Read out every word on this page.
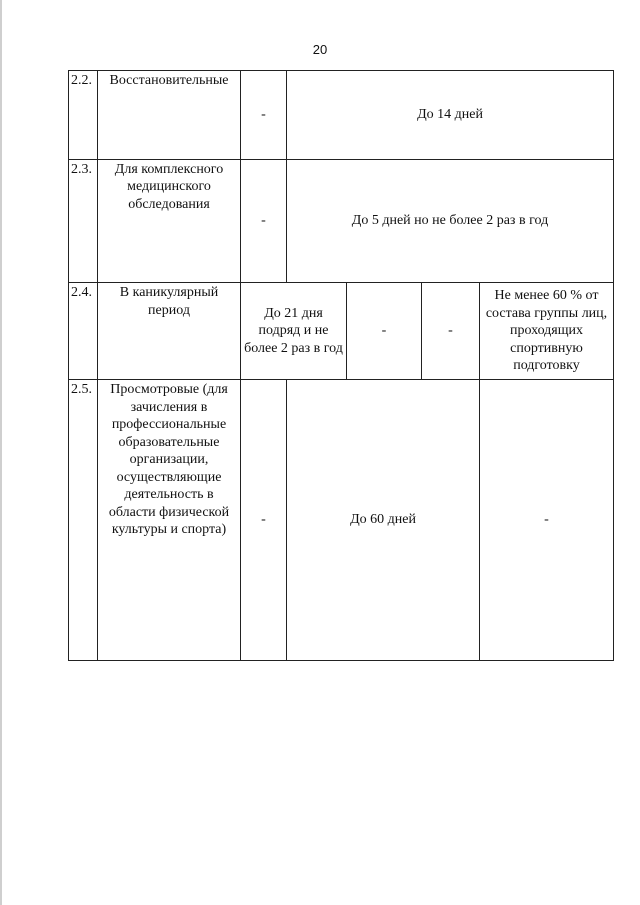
20
2.2.	Восстановительные	-	До 14 дней	
2.3.	Для комплексного медицинского обследования	-	До 5 дней но не более 2 раз в год	
2.4.	В каникулярный период	До 21 дня подряд и не более 2 раз в год		-	-	Не менее 60 % от состава группы лиц, проходящих спортивную подготовку	
2.5.	Просмотровые (для зачисления в профессиональные образовательные организации, осуществляющие деятельность в области физической культуры и спорта)	-	До 60 дней			-	
